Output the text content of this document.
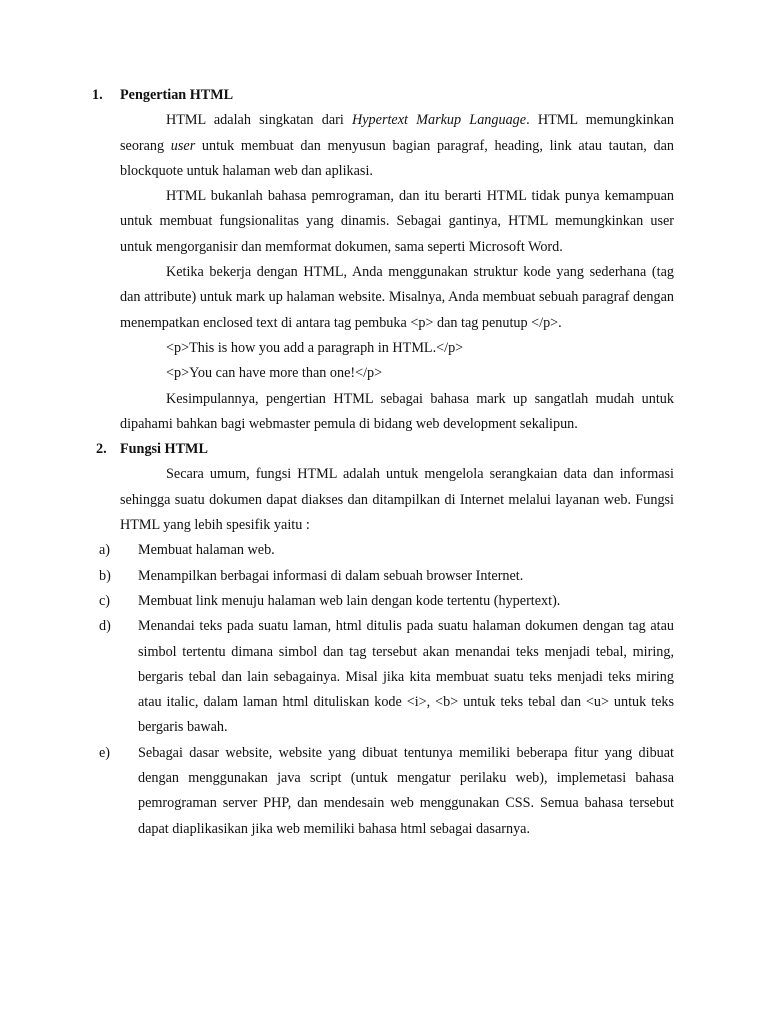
1. Pengertian HTML

HTML adalah singkatan dari Hypertext Markup Language. HTML memungkinkan seorang user untuk membuat dan menyusun bagian paragraf, heading, link atau tautan, dan blockquote untuk halaman web dan aplikasi.

HTML bukanlah bahasa pemrograman, dan itu berarti HTML tidak punya kemampuan untuk membuat fungsionalitas yang dinamis. Sebagai gantinya, HTML memungkinkan user untuk mengorganisir dan memformat dokumen, sama seperti Microsoft Word.

Ketika bekerja dengan HTML, Anda menggunakan struktur kode yang sederhana (tag dan attribute) untuk mark up halaman website. Misalnya, Anda membuat sebuah paragraf dengan menempatkan enclosed text di antara tag pembuka <p> dan tag penutup </p>.

<p>This is how you add a paragraph in HTML.</p>

<p>You can have more than one!</p>

Kesimpulannya, pengertian HTML sebagai bahasa mark up sangatlah mudah untuk dipahami bahkan bagi webmaster pemula di bidang web development sekalipun.

2. Fungsi HTML

Secara umum, fungsi HTML adalah untuk mengelola serangkaian data dan informasi sehingga suatu dokumen dapat diakses dan ditampilkan di Internet melalui layanan web. Fungsi HTML yang lebih spesifik yaitu :

a) Membuat halaman web.
b) Menampilkan berbagai informasi di dalam sebuah browser Internet.
c) Membuat link menuju halaman web lain dengan kode tertentu (hypertext).
d) Menandai teks pada suatu laman, html ditulis pada suatu halaman dokumen dengan tag atau simbol tertentu dimana simbol dan tag tersebut akan menandai teks menjadi tebal, miring, bergaris tebal dan lain sebagainya. Misal jika kita membuat suatu teks menjadi teks miring atau italic, dalam laman html dituliskan kode <i>, <b> untuk teks tebal dan <u> untuk teks bergaris bawah.
e) Sebagai dasar website, website yang dibuat tentunya memiliki beberapa fitur yang dibuat dengan menggunakan java script (untuk mengatur perilaku web), implemetasi bahasa pemrograman server PHP, dan mendesain web menggunakan CSS. Semua bahasa tersebut dapat diaplikasikan jika web memiliki bahasa html sebagai dasarnya.
